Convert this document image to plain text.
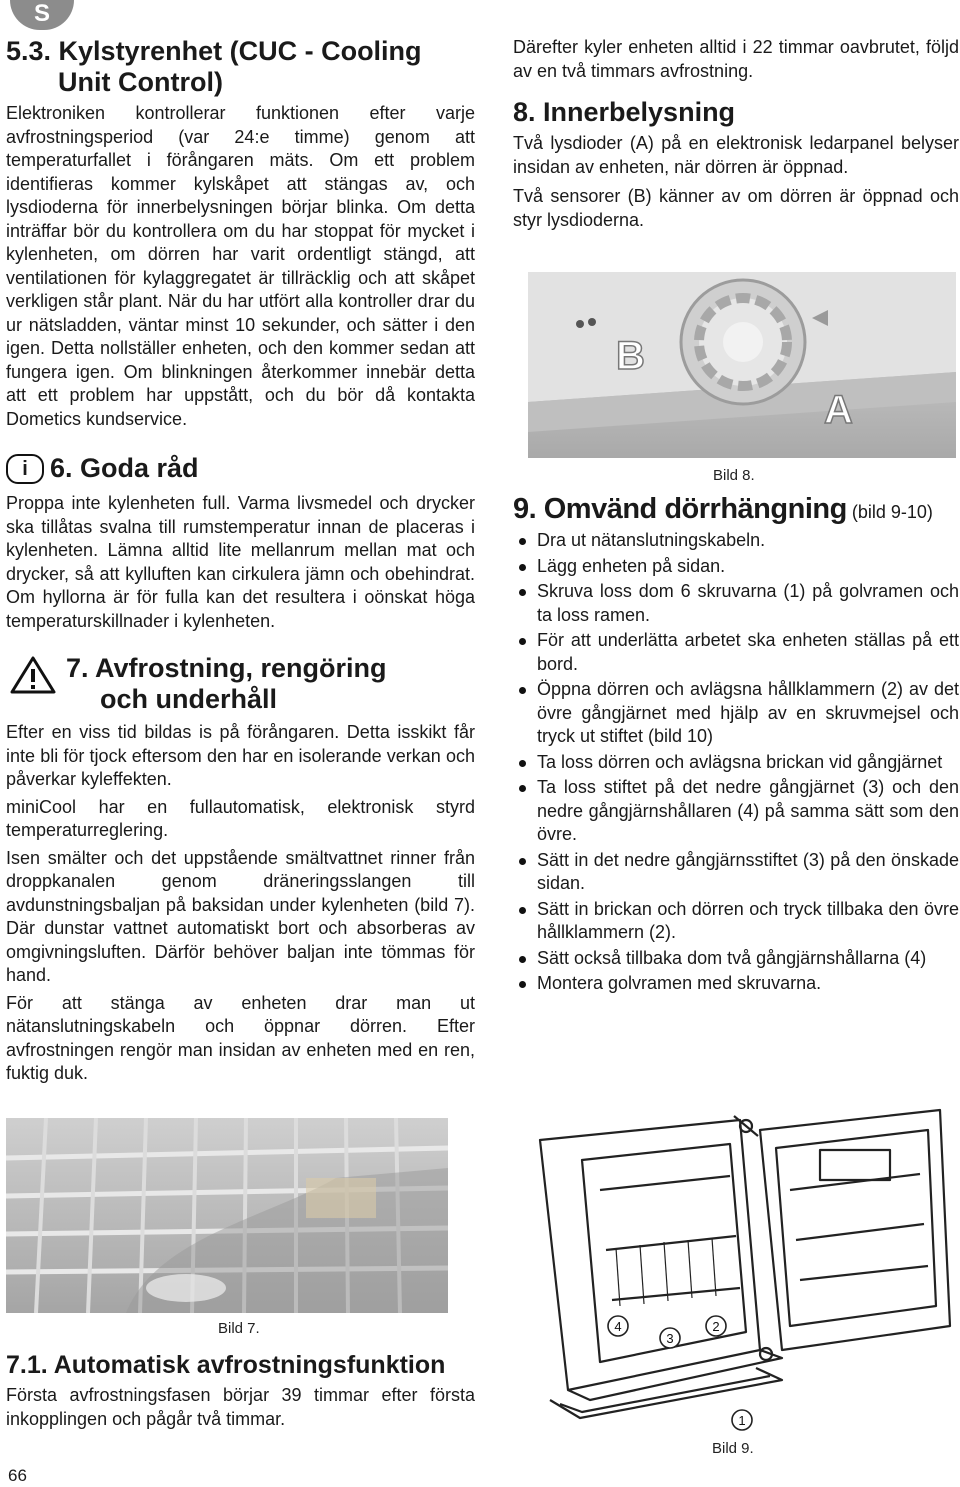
S
5.3. Kylstyrenhet (CUC - Cooling
Unit Control)

Elektroniken kontrollerar funktionen efter varje avfrostningsperiod (var 24:e timme) genom att temperaturfallet i förångaren mäts. Om ett problem identifieras kommer kylskåpet att stängas av, och lysdioderna för innerbelysningen börjar blinka. Om detta inträffar bör du kontrollera om du har stoppat för mycket i kylenheten, om dörren har varit ordentligt stängd, att ventilationen för kylaggregatet är tillräcklig och att skåpet verkligen står plant. När du har utfört alla kontroller drar du ur nätsladden, väntar minst 10 sekunder, och sätter i den igen. Detta nollställer enheten, och den kommer sedan att fungera igen. Om blinkningen återkommer innebär detta att ett problem har uppstått, och du bör då kontakta Dometics kundservice.

i 6. Goda råd

Proppa inte kylenheten full. Varma livsmedel och drycker ska tillåtas svalna till rumstemperatur innan de placeras i kylenheten. Lämna alltid lite mellanrum mellan mat och drycker, så att kylluften kan cirkulera jämn och obehindrat. Om hyllorna är för fulla kan det resultera i oönskat höga temperaturskillnader i kylenheten.

7. Avfrostning, rengöring
och underhåll

Efter en viss tid bildas is på förångaren. Detta isskikt får inte bli för tjock eftersom den har en isolerande verkan och påverkar kyleffekten.

miniCool har en fullautomatisk, elektronisk styrd temperaturreglering.

Isen smälter och det uppstående smältvattnet rinner från droppkanalen genom dräneringsslangen till avdunstningsbaljan på baksidan under kylenheten (bild 7). Där dunstar vattnet automatiskt bort och absorberas av omgivningsluften. Därför behöver baljan inte tömmas för hand.

För att stänga av enheten drar man ut nätanslutningskabeln och öppnar dörren. Efter avfrostningen rengör man insidan av enheten med en ren, fuktig duk.

Bild 7.
7.1. Automatisk avfrostningsfunktion

Första avfrostningsfasen börjar 39 timmar efter första inkopplingen och pågår två timmar.

66

Därefter kyler enheten alltid i 22 timmar oavbrutet, följd av en två timmars avfrostning.

8. Innerbelysning

Två lysdioder (A) på en elektronisk ledarpanel belyser insidan av enheten, när dörren är öppnad.

Två sensorer (B) känner av om dörren är öppnad och styr lysdioderna.

B
A
Bild 8.
9. Omvänd dörrhängning (bild 9-10)
Dra ut nätanslutningskabeln.
Lägg enheten på sidan.
Skruva loss dom 6 skruvarna (1) på golvramen och ta loss ramen.
För att underlätta arbetet ska enheten ställas på ett bord.
Öppna dörren och avlägsna hållklammern (2) av det övre gångjärnet med hjälp av en skruvmejsel och tryck ut stiftet (bild 10)
Ta loss dörren och avlägsna brickan vid gångjärnet
Ta loss stiftet på det nedre gångjärnet (3) och den nedre gångjärnshållaren (4) på samma sätt som den övre.
Sätt in det nedre gångjärnsstiftet (3) på den önskade sidan.
Sätt in brickan och dörren och tryck tillbaka den övre hållklammern (2).
Sätt också tillbaka dom två gångjärnshållarna (4)
Montera golvramen med skruvarna.
4
3
2
1
Bild 9.
